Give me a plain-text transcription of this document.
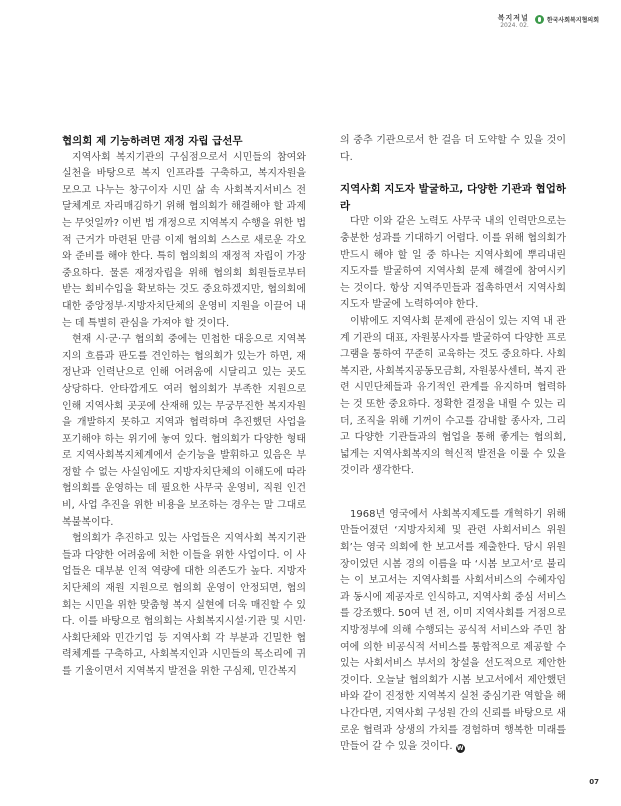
복지저널
2024. 02.
한국사회복지협의회
협의회 제 기능하려면 재정 자립 급선무

지역사회 복지기관의 구심점으로서 시민들의 참여와 실천을 바탕으로 복지 인프라를 구축하고, 복지자원을 모으고 나누는 창구이자 시민 삶 속 사회복지서비스 전달체계로 자리매김하기 위해 협의회가 해결해야 할 과제는 무엇일까? 이번 법 개정으로 지역복지 수행을 위한 법적 근거가 마련된 만큼 이제 협의회 스스로 새로운 각오와 준비를 해야 한다. 특히 협의회의 재정적 자립이 가장 중요하다. 물론 재정자립을 위해 협의회 회원들로부터 받는 회비수입을 확보하는 것도 중요하겠지만, 협의회에 대한 중앙정부·지방자치단체의 운영비 지원을 이끌어 내는 데 특별히 관심을 가져야 할 것이다.

현재 시·군·구 협의회 중에는 민첩한 대응으로 지역복지의 흐름과 판도를 견인하는 협의회가 있는가 하면, 재정난과 인력난으로 인해 어려움에 시달리고 있는 곳도 상당하다. 안타깝게도 여러 협의회가 부족한 지원으로 인해 지역사회 곳곳에 산재해 있는 무궁무진한 복지자원을 개발하지 못하고 지역과 협력하며 추진했던 사업을 포기해야 하는 위기에 놓여 있다. 협의회가 다양한 형태로 지역사회복지체계에서 순기능을 발휘하고 있음은 부정할 수 없는 사실임에도 지방자치단체의 이해도에 따라 협의회를 운영하는 데 필요한 사무국 운영비, 직원 인건비, 사업 추진을 위한 비용을 보조하는 경우는 말 그대로 복불복이다.

협의회가 추진하고 있는 사업들은 지역사회 복지기관들과 다양한 어려움에 처한 이들을 위한 사업이다. 이 사업들은 대부분 인적 역량에 대한 의존도가 높다. 지방자치단체의 재원 지원으로 협의회 운영이 안정되면, 협의회는 시민을 위한 맞춤형 복지 실현에 더욱 매진할 수 있다. 이를 바탕으로 협의회는 사회복지시설·기관 및 시민·사회단체와 민간기업 등 지역사회 각 부분과 긴밀한 협력체계를 구축하고, 사회복지인과 시민들의 목소리에 귀를 기울이면서 지역복지 발전을 위한 구심체, 민간복지

의 중추 기관으로서 한 걸음 더 도약할 수 있을 것이다.

지역사회 지도자 발굴하고, 다양한 기관과 협업하라

다만 이와 같은 노력도 사무국 내의 인력만으로는 충분한 성과를 기대하기 어렵다. 이를 위해 협의회가 반드시 해야 할 일 중 하나는 지역사회에 뿌리내린 지도자를 발굴하여 지역사회 문제 해결에 참여시키는 것이다. 항상 지역주민들과 접촉하면서 지역사회 지도자 발굴에 노력하여야 한다.

이밖에도 지역사회 문제에 관심이 있는 지역 내 관계 기관의 대표, 자원봉사자를 발굴하여 다양한 프로그램을 통하여 꾸준히 교육하는 것도 중요하다. 사회복지관, 사회복지공동모금회, 자원봉사센터, 복지 관련 시민단체들과 유기적인 관계를 유지하며 협력하는 것 또한 중요하다. 정확한 결정을 내릴 수 있는 리더, 조직을 위해 기꺼이 수고를 감내할 종사자, 그리고 다양한 기관들과의 협업을 통해 좋게는 협의회, 넓게는 지역사회복지의 혁신적 발전을 이룰 수 있을 것이라 생각한다.

1968년 영국에서 사회복지제도를 개혁하기 위해 만들어졌던 ‘지방자치체 및 관련 사회서비스 위원회’는 영국 의회에 한 보고서를 제출한다. 당시 위원장이었던 시봄 경의 이름을 따 ‘시봄 보고서’로 불리는 이 보고서는 지역사회를 사회서비스의 수혜자임과 동시에 제공자로 인식하고, 지역사회 중심 서비스를 강조했다. 50여 년 전, 이미 지역사회를 거점으로 지방정부에 의해 수행되는 공식적 서비스와 주민 참여에 의한 비공식적 서비스를 통합적으로 제공할 수 있는 사회서비스 부서의 창설을 선도적으로 제안한 것이다. 오늘날 협의회가 시봄 보고서에서 제안했던 바와 같이 진정한 지역복지 실천 중심기관 역할을 해나간다면, 지역사회 구성원 간의 신뢰를 바탕으로 새로운 협력과 상생의 가치를 경험하며 행복한 미래를 만들어 갈 수 있을 것이다. W

07
